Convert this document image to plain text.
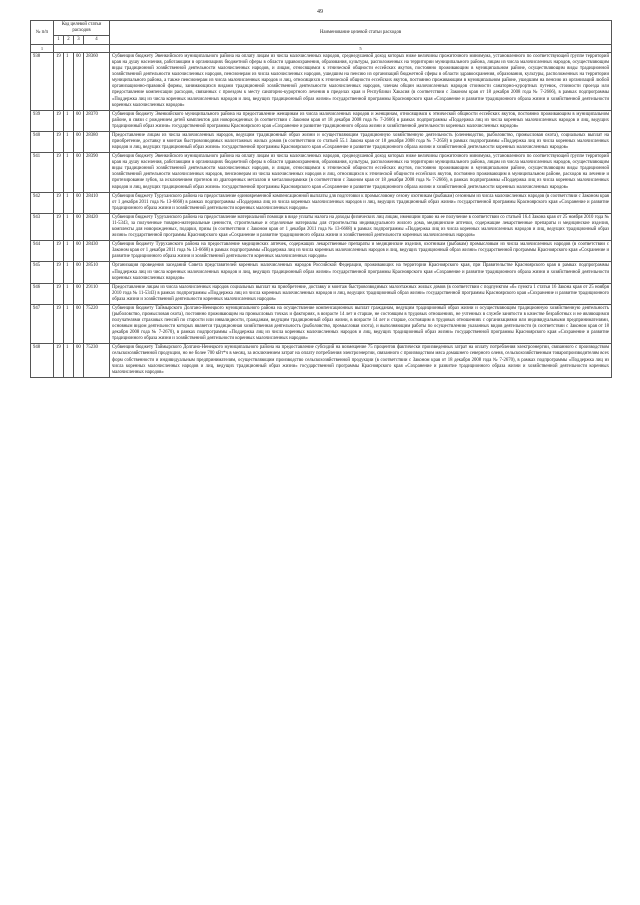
49
№ п/п	Код целевой статьи расходов				Наименование целевой статьи расходов
	1	2	3	4	
1					5
938	19	1	00	28360	Субвенция бюджету Эвенкийского муниципального района на оплату лицам из числа малочисленных народов, среднедушевой доход которых ниже величины прожиточного минимума, установленного по соответствующей группе территорий края на душу населения, работающим в организациях бюджетной сферы в области здравоохранения, образования, культуры, расположенных на территории муниципального района, лицам из числа малочисленных народов, осуществляющим виды традиционной хозяйственной деятельности малочисленных народов, и лицам, относящимся к этнической общности ессейских якутов, постоянно проживающим в муниципальном районе, осуществляющим виды традиционной хозяйственной деятельности малочисленных народов, пенсионерам из числа малочисленных народов, ушедшим на пенсию из организаций бюджетной сферы в области здравоохранения, образования, культуры, расположенных на территории муниципального района, а также пенсионерам из числа малочисленных народов и лиц, относящихся к этнической общности ессейских якутов, постоянно проживающим в муниципальном районе, ушедшим на пенсию из организаций любой организационно-правовой формы, занимающихся видами традиционной хозяйственной деятельности малочисленных народов, членам общин малочисленных народов стоимости санаторно-курортных путевок, стоимости проезда или предоставление компенсации расходов, связанных с проездом к месту санаторно-курортного лечения в пределах края и Республики Хакасия (в соответствии с Законом края от 18 декабря 2008 года № 7-2666), в рамках подпрограммы «Поддержка лиц из числа коренных малочисленных народов и лиц, ведущих традиционный образ жизни» государственной программы Красноярского края «Сохранение и развитие традиционного образа жизни и хозяйственной деятельности коренных малочисленных народов»
939	19	1	00	28370	Субвенция бюджету Эвенкийского муниципального района на предоставление женщинам из числа малочисленных народов и женщинам, относящимся к этнической общности ессейских якутов, постоянно проживающим в муниципальном районе, в связи с рождением детей комплектов для новорожденных (в соответствии с Законом края от 18 декабря 2008 года № 7-2666) в рамках подпрограммы «Поддержка лиц из числа коренных малочисленных народов и лиц, ведущих традиционный образ жизни» государственной программы Красноярского края «Сохранение и развитие традиционного образа жизни и хозяйственной деятельности коренных малочисленных народов»
940	19	1	00	28380	Предоставление лицам из числа малочисленных народов, ведущим традиционный образ жизни и осуществляющим традиционную хозяйственную деятельность (оленеводство, рыболовство, промысловая охота), социальных выплат на приобретение, доставку и монтаж быстровозводимых малоэтажных жилых домов (в соответствии со статьей 55.1 Закона края от 18 декабря 2008 года № 7-2658) в рамках подпрограммы «Поддержка лиц из числа коренных малочисленных народов и лиц, ведущих традиционный образ жизни» государственной программы Красноярского края «Сохранение и развитие традиционного образа жизни и хозяйственной деятельности коренных малочисленных народов»
941	19	1	00	28390	Субвенция бюджету Эвенкийского муниципального района на оплату лицам из числа малочисленных народов, среднедушевой доход которых ниже величины прожиточного минимума, установленного по соответствующей группе территорий края на душу населения, работающим в организациях бюджетной сферы в области здравоохранения, образования, культуры, расположенных на территории муниципального района, лицам из числа малочисленных народов, осуществляющим виды традиционной хозяйственной деятельности малочисленных народов, и лицам, относящимся к этнической общности ессейских якутов, постоянно проживающим в муниципальном районе, осуществляющим виды традиционной хозяйственной деятельности малочисленных народов, пенсионерам из числа малочисленных народов и лиц, относящихся к этнической общности ессейских якутов, постоянно проживающим в муниципальном районе, расходов на лечение и протезирование зубов, за исключением протезов из драгоценных металлов и металлокерамики (в соответствии с Законом края от 18 декабря 2008 года № 7-2666), в рамках подпрограммы «Поддержка лиц из числа коренных малочисленных народов и лиц, ведущих традиционный образ жизни» государственной программы Красноярского края «Сохранение и развитие традиционного образа жизни и хозяйственной деятельности коренных малочисленных народов»
942	19	1	00	28410	Субвенция бюджету Туруханского района на предоставление единовременной компенсационной выплаты для подготовки к промысловому сезону охотникам (рыбакам) сезонным из числа малочисленных народов (в соответствии с Законом края от 1 декабря 2011 года № 13-6668) в рамках подпрограммы «Поддержка лиц из числа коренных малочисленных народов и лиц, ведущих традиционный образ жизни» государственной программы Красноярского края «Сохранение и развитие традиционного образа жизни и хозяйственной деятельности коренных малочисленных народов»
943	19	1	00	28420	Субвенция бюджету Туруханского района на предоставление материальной помощи в виде уплаты налога на доходы физических лиц лицам, имеющим право на ее получение в соответствии со статьей 16.4 Закона края от 25 ноября 2010 года № 11-5343, за полученные товарно-материальные ценности, строительные и отделочные материалы для строительства индивидуального жилого дома, медицинские аптечки, содержащие лекарственные препараты и медицинские изделия, комплекты для новорожденных, подарки, призы (в соответствии с Законом края от 1 декабря 2011 года № 13-6668) в рамках подпрограммы «Поддержка лиц из числа коренных малочисленных народов и лиц, ведущих традиционный образ жизни» государственной программы Красноярского края «Сохранение и развитие традиционного образа жизни и хозяйственной деятельности коренных малочисленных народов»
944	19	1	00	28430	Субвенция бюджету Туруханского района на предоставление медицинских аптечек, содержащих лекарственные препараты и медицинские изделия, охотникам (рыбакам) промысловым из числа малочисленных народов (в соответствии с Законом края от 1 декабря 2011 года № 13-6668) в рамках подпрограммы «Поддержка лиц из числа коренных малочисленных народов и лиц, ведущих традиционный образ жизни» государственной программы Красноярского края «Сохранение и развитие традиционного образа жизни и хозяйственной деятельности коренных малочисленных народов»
945	19	1	00	28510	Организация проведения заседаний Совета представителей коренных малочисленных народов Российской Федерации, проживающих на территории Красноярского края, при Правительстве Красноярского края в рамках подпрограммы «Поддержка лиц из числа коренных малочисленных народов и лиц, ведущих традиционный образ жизни» государственной программы Красноярского края «Сохранение и развитие традиционного образа жизни и хозяйственной деятельности коренных малочисленных народов»
946	19	1	00	29110	Предоставление лицам из числа малочисленных народов социальных выплат на приобретение, доставку и монтаж быстровозводимых малоэтажных жилых домов (в соответствии с подпунктом «б» пункта 1 статьи 16 Закона края от 25 ноября 2010 года № 11-5343) в рамках подпрограммы «Поддержка лиц из числа коренных малочисленных народов и лиц, ведущих традиционный образ жизни» государственной программы Красноярского края «Сохранение и развитие традиционного образа жизни и хозяйственной деятельности коренных малочисленных народов»
947	19	1	00	75220	Субвенция бюджету Таймырского Долгано-Ненецкого муниципального района на осуществление компенсационных выплат гражданам, ведущим традиционный образ жизни и осуществляющим традиционную хозяйственную деятельность (рыболовство, промысловая охота), постоянно проживающим на промысловых точках и факториях, в возрасте 14 лет и старше, не состоящим в трудовых отношениях, не учтенных в службе занятости в качестве безработных и не являющимся получателями страховых пенсий по старости или инвалидности, гражданам, ведущим традиционный образ жизни, в возрасте 14 лет и старше, состоящим в трудовых отношениях с организациями или индивидуальными предпринимателями, основным видом деятельности которых является традиционная хозяйственная деятельность (рыболовство, промысловая охота), и выполняющим работы по осуществлению указанных видов деятельности (в соответствии с Законом края от 18 декабря 2008 года № 7-2670), в рамках подпрограммы «Поддержка лиц из числа коренных малочисленных народов и лиц, ведущих традиционный образ жизни» государственной программы Красноярского края «Сохранение и развитие традиционного образа жизни и хозяйственной деятельности коренных малочисленных народов»
948	19	1	00	75230	Субвенция бюджету Таймырского Долгано-Ненецкого муниципального района на предоставление субсидий на возмещение 75 процентов фактически произведенных затрат на оплату потребления электроэнергии, связанного с производством сельскохозяйственной продукции, но не более 700 кВт*ч в месяц, за исключением затрат на оплату потребления электроэнергии, связанного с производством мяса домашнего северного оленя, сельскохозяйственным товаропроизводителям всех форм собственности и индивидуальным предпринимателям, осуществляющим производство сельскохозяйственной продукции (в соответствии с Законом края от 18 декабря 2008 года № 7-2670), в рамках подпрограммы «Поддержка лиц из числа коренных малочисленных народов и лиц, ведущих традиционный образ жизни» государственной программы Красноярского края «Сохранение и развитие традиционного образа жизни и хозяйственной деятельности коренных малочисленных народов»
